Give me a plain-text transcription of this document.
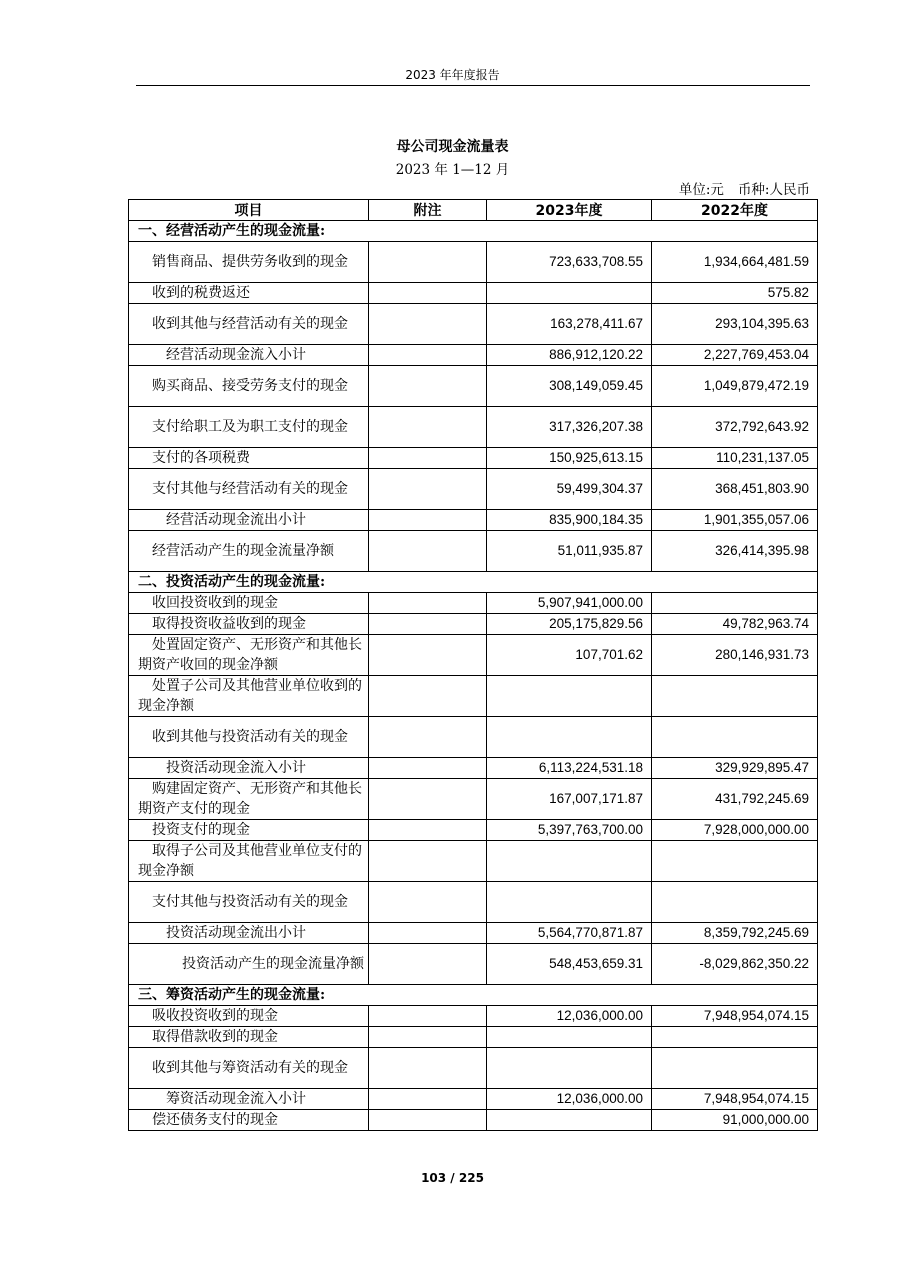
2023 年年度报告
母公司现金流量表
2023 年 1—12 月
单位:元 币种:人民币
项目	附注	2023年度	2022年度
一、经营活动产生的现金流量:			
销售商品、提供劳务收到的现金		723,633,708.55	1,934,664,481.59
收到的税费返还			575.82
收到其他与经营活动有关的现金		163,278,411.67	293,104,395.63
经营活动现金流入小计		886,912,120.22	2,227,769,453.04
购买商品、接受劳务支付的现金		308,149,059.45	1,049,879,472.19
支付给职工及为职工支付的现金		317,326,207.38	372,792,643.92
支付的各项税费		150,925,613.15	110,231,137.05
支付其他与经营活动有关的现金		59,499,304.37	368,451,803.90
经营活动现金流出小计		835,900,184.35	1,901,355,057.06
经营活动产生的现金流量净额		51,011,935.87	326,414,395.98
二、投资活动产生的现金流量:			
收回投资收到的现金		5,907,941,000.00	
取得投资收益收到的现金		205,175,829.56	49,782,963.74
处置固定资产、无形资产和其他长期资产收回的现金净额		107,701.62	280,146,931.73
处置子公司及其他营业单位收到的现金净额			
收到其他与投资活动有关的现金			
投资活动现金流入小计		6,113,224,531.18	329,929,895.47
购建固定资产、无形资产和其他长期资产支付的现金		167,007,171.87	431,792,245.69
投资支付的现金		5,397,763,700.00	7,928,000,000.00
取得子公司及其他营业单位支付的现金净额			
支付其他与投资活动有关的现金			
投资活动现金流出小计		5,564,770,871.87	8,359,792,245.69
投资活动产生的现金流量净额		548,453,659.31	-8,029,862,350.22
三、筹资活动产生的现金流量:			
吸收投资收到的现金		12,036,000.00	7,948,954,074.15
取得借款收到的现金			
收到其他与筹资活动有关的现金			
筹资活动现金流入小计		12,036,000.00	7,948,954,074.15
偿还债务支付的现金			91,000,000.00
103 / 225
